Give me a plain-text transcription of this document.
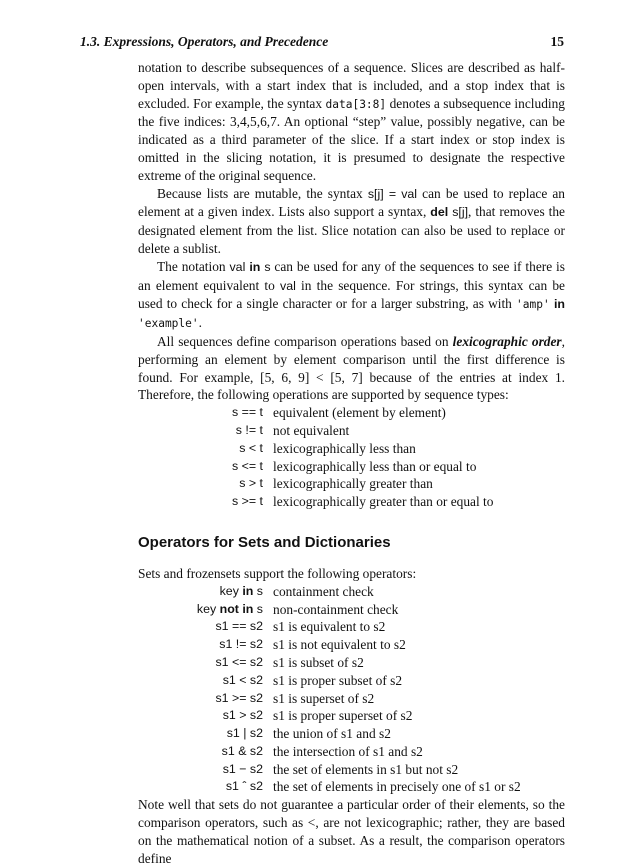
1.3. Expressions, Operators, and Precedence	15

notation to describe subsequences of a sequence. Slices are described as half-open intervals, with a start index that is included, and a stop index that is excluded. For example, the syntax data[3:8] denotes a subsequence including the five indices: 3,4,5,6,7. An optional “step” value, possibly negative, can be indicated as a third parameter of the slice. If a start index or stop index is omitted in the slicing notation, it is presumed to designate the respective extreme of the original sequence.

Because lists are mutable, the syntax s[j] = val can be used to replace an element at a given index. Lists also support a syntax, del s[j], that removes the designated element from the list. Slice notation can also be used to replace or delete a sublist.

The notation val in s can be used for any of the sequences to see if there is an element equivalent to val in the sequence. For strings, this syntax can be used to check for a single character or for a larger substring, as with 'amp' in 'example'.

All sequences define comparison operations based on lexicographic order, performing an element by element comparison until the first difference is found. For example, [5, 6, 9] < [5, 7] because of the entries at index 1. Therefore, the following operations are supported by sequence types:

s == t	equivalent (element by element)
s != t	not equivalent
s < t	lexicographically less than
s <= t	lexicographically less than or equal to
s > t	lexicographically greater than
s >= t	lexicographically greater than or equal to
Operators for Sets and Dictionaries

Sets and frozensets support the following operators:

key in s	containment check
key not in s	non-containment check
s1 == s2	s1 is equivalent to s2
s1 != s2	s1 is not equivalent to s2
s1 <= s2	s1 is subset of s2
s1 < s2	s1 is proper subset of s2
s1 >= s2	s1 is superset of s2
s1 > s2	s1 is proper superset of s2
s1 | s2	the union of s1 and s2
s1 & s2	the intersection of s1 and s2
s1 − s2	the set of elements in s1 but not s2
s1 ˆ s2	the set of elements in precisely one of s1 or s2

Note well that sets do not guarantee a particular order of their elements, so the comparison operators, such as <, are not lexicographic; rather, they are based on the mathematical notion of a subset. As a result, the comparison operators define
